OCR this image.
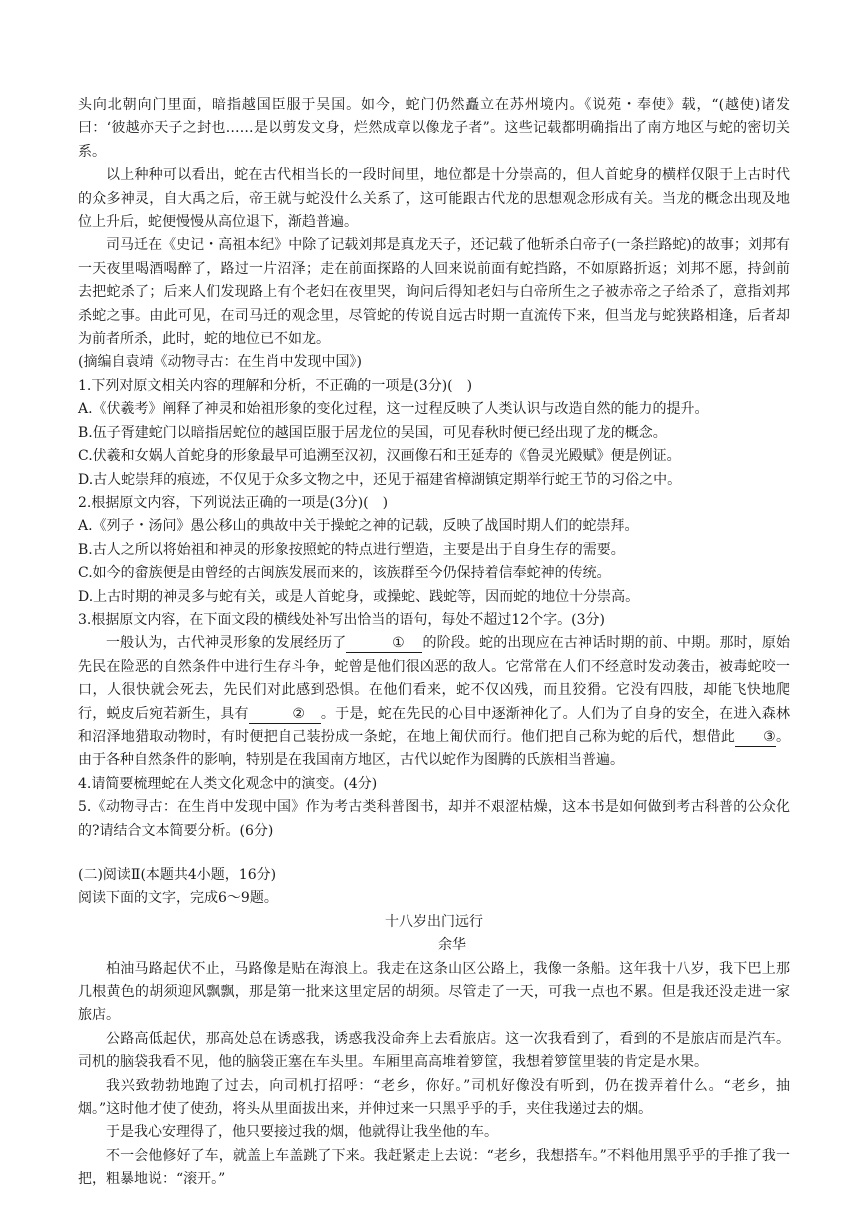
头向北朝向门里面，暗指越国臣服于吴国。如今，蛇门仍然矗立在苏州境内。《说苑・奉使》载，“(越使)诸发曰：‘彼越亦天子之封也……是以剪发文身，烂然成章以像龙子者”。这些记载都明确指出了南方地区与蛇的密切关系。

以上种种可以看出，蛇在古代相当长的一段时间里，地位都是十分崇高的，但人首蛇身的横样仅限于上古时代的众多神灵，自大禹之后，帝王就与蛇没什么关系了，这可能跟古代龙的思想观念形成有关。当龙的概念出现及地位上升后，蛇便慢慢从高位退下，渐趋普遍。

司马迁在《史记・高祖本纪》中除了记载刘邦是真龙天子，还记载了他斩杀白帝子(一条拦路蛇)的故事；刘邦有一天夜里喝酒喝醉了，路过一片沼泽；走在前面探路的人回来说前面有蛇挡路，不如原路折返；刘邦不愿，持剑前去把蛇杀了；后来人们发现路上有个老妇在夜里哭，询问后得知老妇与白帝所生之子被赤帝之子给杀了，意指刘邦杀蛇之事。由此可见，在司马迁的观念里，尽管蛇的传说自远古时期一直流传下来，但当龙与蛇狭路相逢，后者却为前者所杀，此时，蛇的地位已不如龙。

(摘编自袁靖《动物寻古：在生肖中发现中国》)

1.下列对原文相关内容的理解和分析，不正确的一项是(3分)(　)

A.《伏羲考》阐释了神灵和始祖形象的变化过程，这一过程反映了人类认识与改造自然的能力的提升。

B.伍子胥建蛇门以暗指居蛇位的越国臣服于居龙位的吴国，可见春秋时便已经出现了龙的概念。

C.伏羲和女娲人首蛇身的形象最早可追溯至汉初，汉画像石和王延寿的《鲁灵光殿赋》便是例证。

D.古人蛇崇拜的痕迹，不仅见于众多文物之中，还见于福建省樟湖镇定期举行蛇王节的习俗之中。

2.根据原文内容，下列说法正确的一项是(3分)(　)

A.《列子・汤问》愚公移山的典故中关于操蛇之神的记载，反映了战国时期人们的蛇崇拜。

B.古人之所以将始祖和神灵的形象按照蛇的特点进行塑造，主要是出于自身生存的需要。

C.如今的畲族便是由曾经的古闽族发展而来的，该族群至今仍保持着信奉蛇神的传统。

D.上古时期的神灵多与蛇有关，或是人首蛇身，或操蛇、践蛇等，因而蛇的地位十分崇高。

3.根据原文内容，在下面文段的横线处补写出恰当的语句，每处不超过12个字。(3分)

一般认为，古代神灵形象的发展经历了	① 的阶段。蛇的出现应在古神话时期的前、中期。那时，原始先民在险恶的自然条件中进行生存斗争，蛇曾是他们很凶恶的敌人。它常常在人们不经意时发动袭击，被毒蛇咬一口，人很快就会死去，先民们对此感到恐惧。在他们看来，蛇不仅凶残，而且狡猾。它没有四肢，却能飞快地爬行，蜕皮后宛若新生，具有	② 。于是，蛇在先民的心目中逐渐神化了。人们为了自身的安全，在进入森林和沼泽地猎取动物时，有时便把自己装扮成一条蛇，在地上匍伏而行。他们把自己称为蛇的后代，想借此 ③。由于各种自然条件的影响，特别是在我国南方地区，古代以蛇作为图腾的氏族相当普遍。

4.请简要梳理蛇在人类文化观念中的演变。(4分)

5.《动物寻古：在生肖中发现中国》作为考古类科普图书，却并不艰涩枯燥，这本书是如何做到考古科普的公众化的?请结合文本简要分析。(6分)

(二)阅读Ⅱ(本题共4小题，16分)

阅读下面的文字，完成6～9题。

十八岁出门远行

余华

柏油马路起伏不止，马路像是贴在海浪上。我走在这条山区公路上，我像一条船。这年我十八岁，我下巴上那几根黄色的胡须迎风飘飘，那是第一批来这里定居的胡须。尽管走了一天，可我一点也不累。但是我还没走进一家旅店。

公路高低起伏，那高处总在诱惑我，诱惑我没命奔上去看旅店。这一次我看到了，看到的不是旅店而是汽车。司机的脑袋我看不见，他的脑袋正塞在车头里。车厢里高高堆着箩筐，我想着箩筐里装的肯定是水果。

我兴致勃勃地跑了过去，向司机打招呼：“老乡，你好。”司机好像没有听到，仍在拨弄着什么。“老乡，抽烟。”这时他才使了使劲，将头从里面拔出来，并伸过来一只黑乎乎的手，夹住我递过去的烟。

于是我心安理得了，他只要接过我的烟，他就得让我坐他的车。

不一会他修好了车，就盖上车盖跳了下来。我赶紧走上去说：“老乡，我想搭车。”不料他用黑乎乎的手推了我一把，粗暴地说：“滚开。”
